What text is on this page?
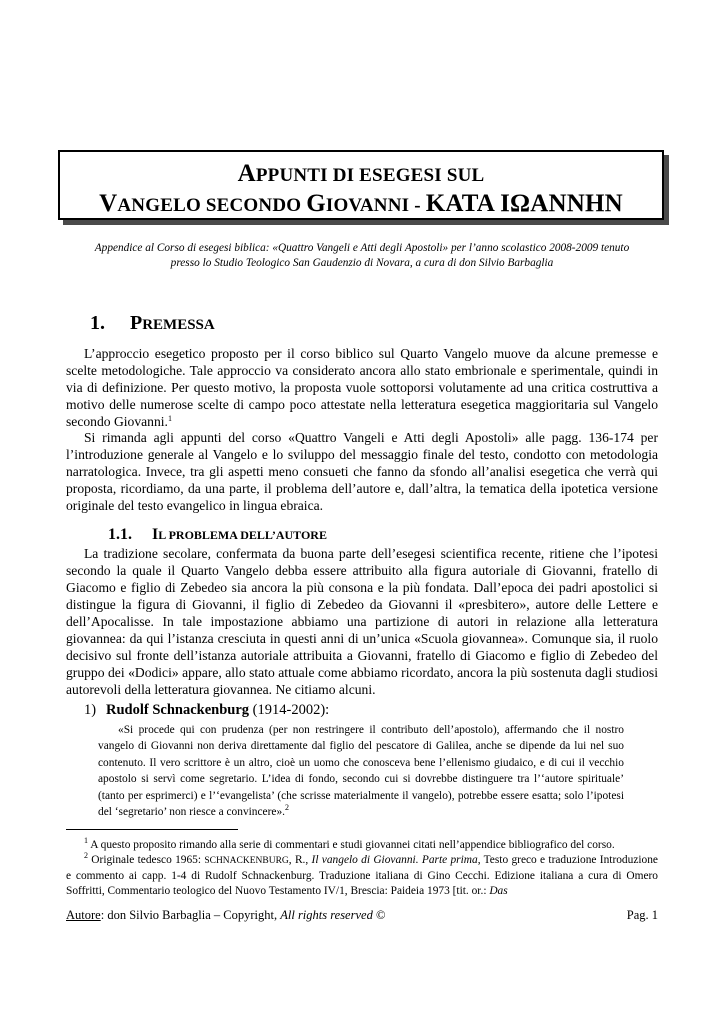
APPUNTI DI ESEGESI SUL
VANGELO SECONDO GIOVANNI - KATA ΙΩΑΝΝΗΝ
Appendice al Corso di esegesi biblica: «Quattro Vangeli e Atti degli Apostoli» per l’anno scolastico 2008-2009 tenuto presso lo Studio Teologico San Gaudenzio di Novara, a cura di don Silvio Barbaglia
1. PREMESSA

L’approccio esegetico proposto per il corso biblico sul Quarto Vangelo muove da alcune premesse e scelte metodologiche. Tale approccio va considerato ancora allo stato embrionale e sperimentale, quindi in via di definizione. Per questo motivo, la proposta vuole sottoporsi volutamente ad una critica costruttiva a motivo delle numerose scelte di campo poco attestate nella letteratura esegetica maggioritaria sul Vangelo secondo Giovanni.$^1$

Si rimanda agli appunti del corso «Quattro Vangeli e Atti degli Apostoli» alle pagg. 136-174 per l’introduzione generale al Vangelo e lo sviluppo del messaggio finale del testo, condotto con metodologia narratologica. Invece, tra gli aspetti meno consueti che fanno da sfondo all’analisi esegetica che verrà qui proposta, ricordiamo, da una parte, il problema dell’autore e, dall’altra, la tematica della ipotetica versione originale del testo evangelico in lingua ebraica.

1.1. IL PROBLEMA DELL’AUTORE

La tradizione secolare, confermata da buona parte dell’esegesi scientifica recente, ritiene che l’ipotesi secondo la quale il Quarto Vangelo debba essere attribuito alla figura autoriale di Giovanni, fratello di Giacomo e figlio di Zebedeo sia ancora la più consona e la più fondata. Dall’epoca dei padri apostolici si distingue la figura di Giovanni, il figlio di Zebedeo da Giovanni il «presbitero», autore delle Lettere e dell’Apocalisse. In tale impostazione abbiamo una partizione di autori in relazione alla letteratura giovannea: da qui l’istanza cresciuta in questi anni di un’unica «Scuola giovannea». Comunque sia, il ruolo decisivo sul fronte dell’istanza autoriale attribuita a Giovanni, fratello di Giacomo e figlio di Zebedeo del gruppo dei «Dodici» appare, allo stato attuale come abbiamo ricordato, ancora la più sostenuta dagli studiosi autorevoli della letteratura giovannea. Ne citiamo alcuni.

1) Rudolf Schnackenburg (1914-2002):

«Si procede qui con prudenza (per non restringere il contributo dell’apostolo), affermando che il nostro vangelo di Giovanni non deriva direttamente dal figlio del pescatore di Galilea, anche se dipende da lui nel suo contenuto. Il vero scrittore è un altro, cioè un uomo che conosceva bene l’ellenismo giudaico, e di cui il vecchio apostolo si servì come segretario. L’idea di fondo, secondo cui si dovrebbe distinguere tra l’‘autore spirituale’ (tanto per esprimerci) e l’‘evangelista’ (che scrisse materialmente il vangelo), potrebbe essere esatta; solo l’ipotesi del ‘segretario’ non riesce a convincere».$^2$

$^1$ A questo proposito rimando alla serie di commentari e studi giovannei citati nell’appendice bibliografico del corso.

$^2$ Originale tedesco 1965: SCHNACKENBURG, R., Il vangelo di Giovanni. Parte prima, Testo greco e traduzione Introduzione e commento ai capp. 1-4 di Rudolf Schnackenburg. Traduzione italiana di Gino Cecchi. Edizione italiana a cura di Omero Soffritti, Commentario teologico del Nuovo Testamento IV/1, Brescia: Paideia 1973 [tit. or.: Das

Autore: don Silvio Barbaglia – Copyright, All rights reserved ©	Pag. 1
